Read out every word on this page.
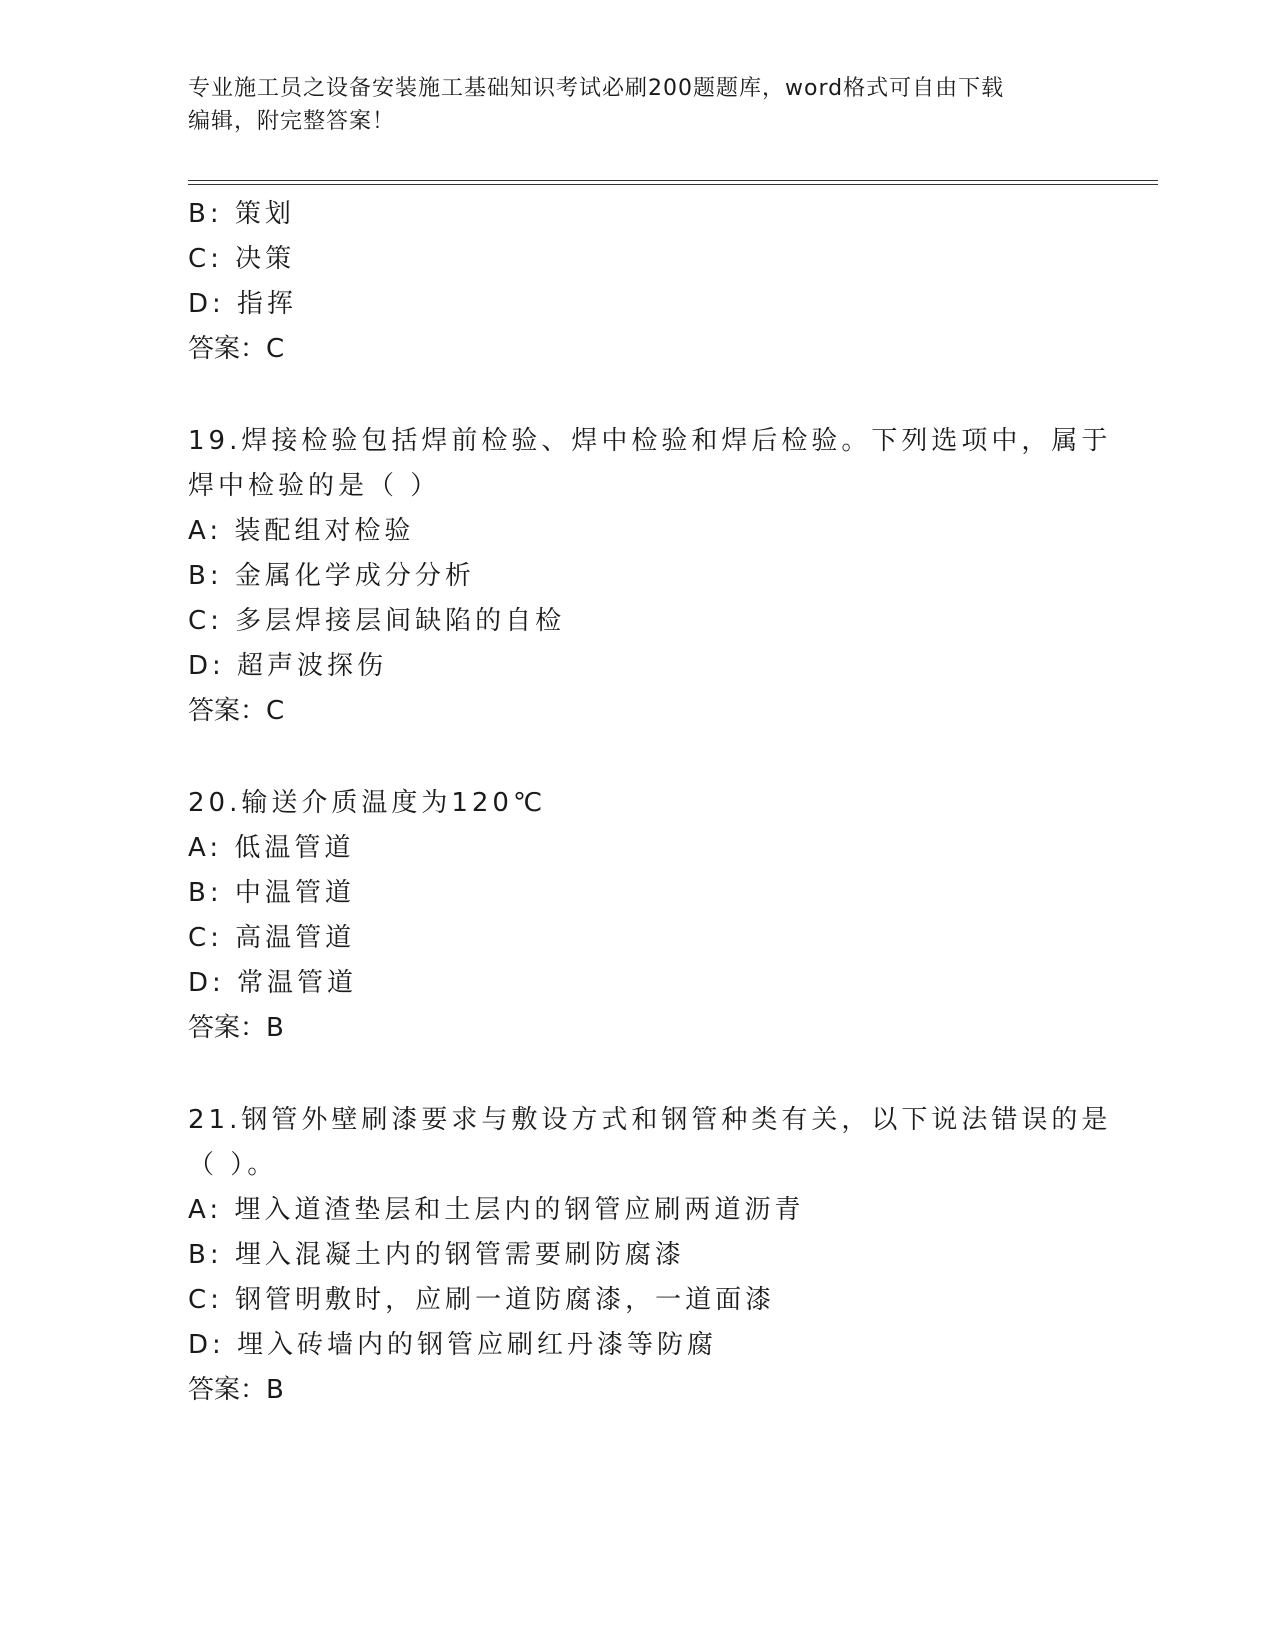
专业施工员之设备安装施工基础知识考试必刷200题题库，word格式可自由下载
编辑，附完整答案！
B: 策划
C: 决策
D: 指挥
答案：C
19.焊接检验包括焊前检验、焊中检验和焊后检验。下列选项中，属于
焊中检验的是（ ）
A: 装配组对检验
B: 金属化学成分分析
C: 多层焊接层间缺陷的自检
D: 超声波探伤
答案：C
20.输送介质温度为120℃
A: 低温管道
B: 中温管道
C: 高温管道
D: 常温管道
答案：B
21.钢管外壁刷漆要求与敷设方式和钢管种类有关，以下说法错误的是
（ ）。
A: 埋入道渣垫层和土层内的钢管应刷两道沥青
B: 埋入混凝土内的钢管需要刷防腐漆
C: 钢管明敷时，应刷一道防腐漆，一道面漆
D: 埋入砖墙内的钢管应刷红丹漆等防腐
答案：B
